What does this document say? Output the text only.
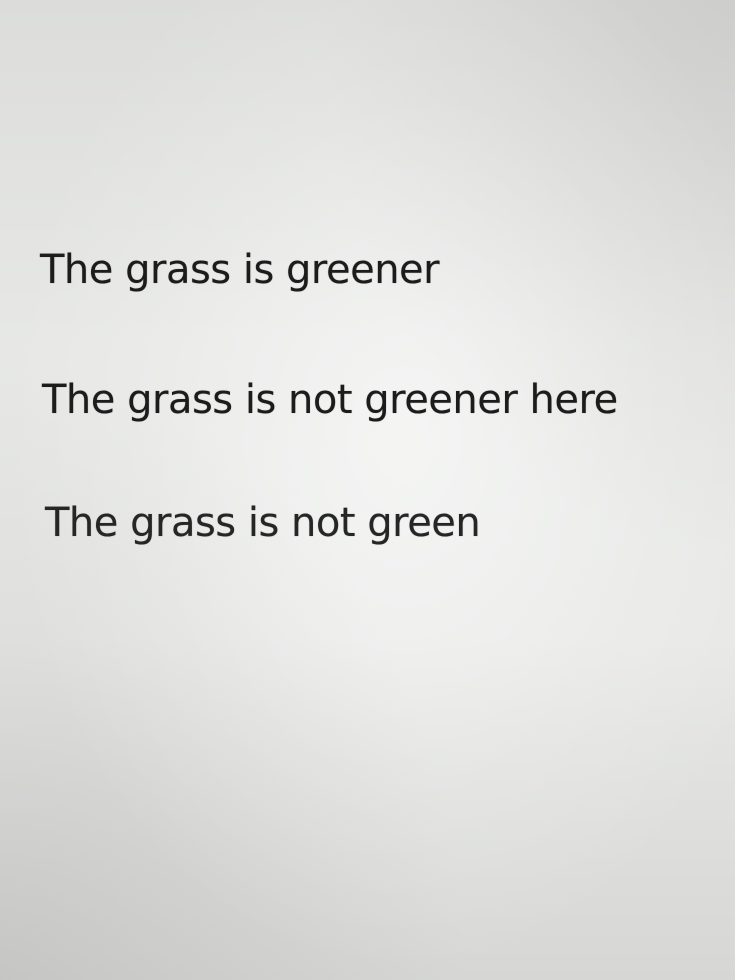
The grass is greener

The grass is not greener here

The grass is not green
